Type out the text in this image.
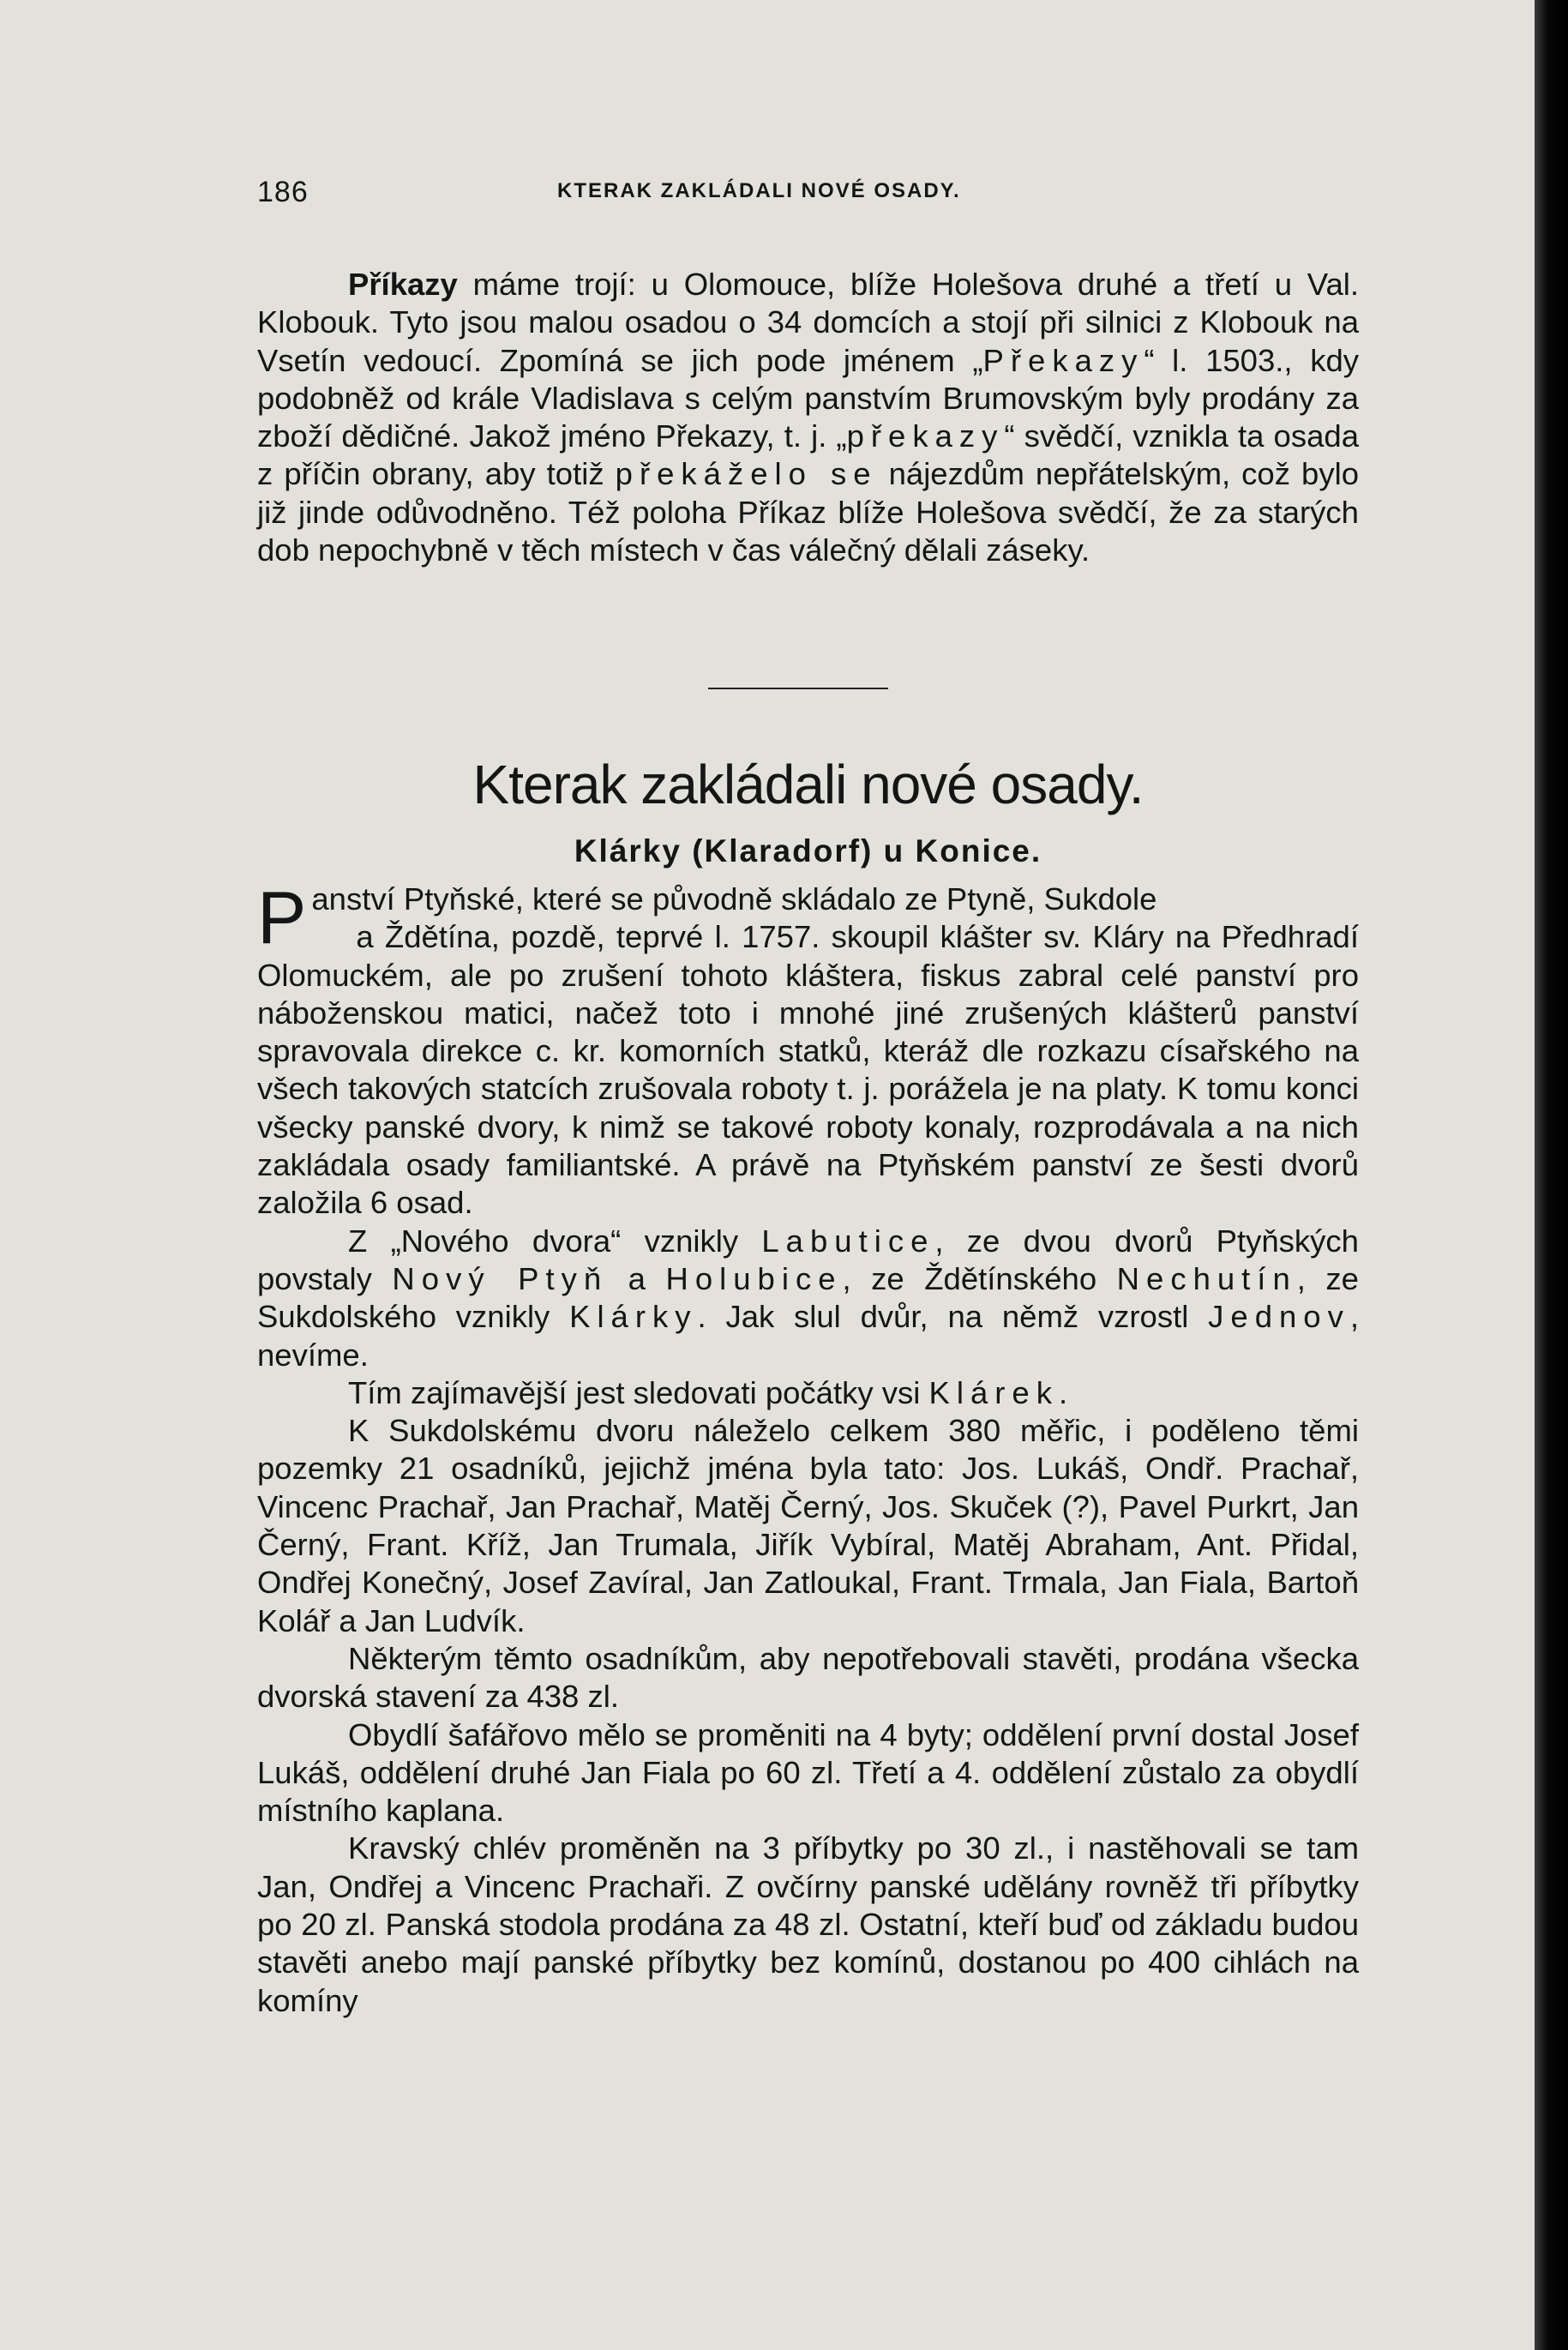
186	KTERAK ZAKLÁDALI NOVÉ OSADY.

Příkazy máme trojí: u Olomouce, blíže Holešova druhé a třetí u Val. Klobouk. Tyto jsou malou osadou o 34 domcích a stojí při silnici z Klobouk na Vsetín vedoucí. Zpomíná se jich pode jménem „Překazy“ l. 1503., kdy podobněž od krále Vladislava s celým panstvím Brumovským byly prodány za zboží dědičné. Jakož jméno Překazy, t. j. „překazy“ svědčí, vznikla ta osada z příčin obrany, aby totiž překáželo se nájezdům nepřátelským, což bylo již jinde odůvodněno. Též poloha Příkaz blíže Holešova svědčí, že za starých dob nepochybně v těch místech v čas válečný dělali záseky.

Kterak zakládali nové osady.
Klárky (Klaradorf) u Konice.

Panství Ptyňské, které se původně skládalo ze Ptyně, Sukdole
a Ždětína, pozdě, teprvé l. 1757. skoupil klášter sv. Kláry na Předhradí Olomuckém, ale po zrušení tohoto kláštera, fiskus zabral celé panství pro náboženskou matici, načež toto i mnohé jiné zrušených klášterů panství spravovala direkce c. kr. komorních statků, kteráž dle rozkazu císařského na všech takových statcích zrušovala roboty t. j. porážela je na platy. K tomu konci všecky panské dvory, k nimž se takové roboty konaly, rozprodávala a na nich zakládala osady familiantské. A právě na Ptyňském panství ze šesti dvorů založila 6 osad.

Z „Nového dvora“ vznikly Labutice, ze dvou dvorů Ptyňských povstaly Nový Ptyň a Holubice, ze Ždětínského Nechutín, ze Sukdolského vznikly Klárky. Jak slul dvůr, na němž vzrostl Jednov, nevíme.

Tím zajímavější jest sledovati počátky vsi Klárek.

K Sukdolskému dvoru náleželo celkem 380 měřic, i poděleno těmi pozemky 21 osadníků, jejichž jména byla tato: Jos. Lukáš, Ondř. Prachař, Vincenc Prachař, Jan Prachař, Matěj Černý, Jos. Skuček (?), Pavel Purkrt, Jan Černý, Frant. Kříž, Jan Trumala, Jiřík Vybíral, Matěj Abraham, Ant. Přidal, Ondřej Konečný, Josef Zavíral, Jan Zatloukal, Frant. Trmala, Jan Fiala, Bartoň Kolář a Jan Ludvík.

Některým těmto osadníkům, aby nepotřebovali stavěti, prodána všecka dvorská stavení za 438 zl.

Obydlí šafářovo mělo se proměniti na 4 byty; oddělení první dostal Josef Lukáš, oddělení druhé Jan Fiala po 60 zl. Třetí a 4. oddělení zůstalo za obydlí místního kaplana.

Kravský chlév proměněn na 3 příbytky po 30 zl., i nastěhovali se tam Jan, Ondřej a Vincenc Prachaři. Z ovčírny panské udělány rovněž tři příbytky po 20 zl. Panská stodola prodána za 48 zl. Ostatní, kteří buď od základu budou stavěti anebo mají panské příbytky bez komínů, dostanou po 400 cihlách na komíny
